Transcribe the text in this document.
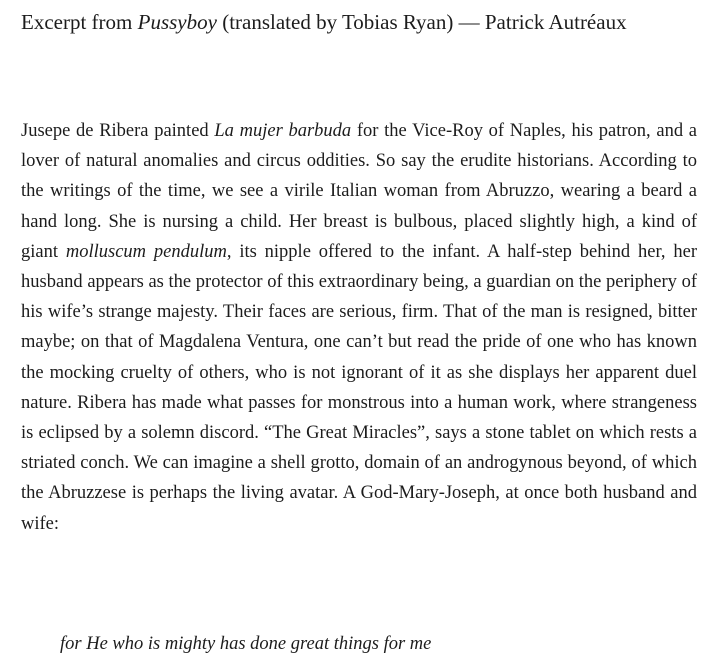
Excerpt from Pussyboy (translated by Tobias Ryan) — Patrick Autréaux

Jusepe de Ribera painted La mujer barbuda for the Vice-Roy of Naples, his patron, and a lover of natural anomalies and circus oddities. So say the erudite historians. According to the writings of the time, we see a virile Italian woman from Abruzzo, wearing a beard a hand long. She is nursing a child. Her breast is bulbous, placed slightly high, a kind of giant molluscum pendulum, its nipple offered to the infant. A half-step behind her, her husband appears as the protector of this extraordinary being, a guardian on the periphery of his wife’s strange majesty. Their faces are serious, firm. That of the man is resigned, bitter maybe; on that of Magdalena Ventura, one can’t but read the pride of one who has known the mocking cruelty of others, who is not ignorant of it as she displays her apparent duel nature. Ribera has made what passes for monstrous into a human work, where strangeness is eclipsed by a solemn discord. “The Great Miracles”, says a stone tablet on which rests a striated conch. We can imagine a shell grotto, domain of an androgynous beyond, of which the Abruzzese is perhaps the living avatar. A God-Mary-Joseph, at once both husband and wife:

for He who is mighty has done great things for me
